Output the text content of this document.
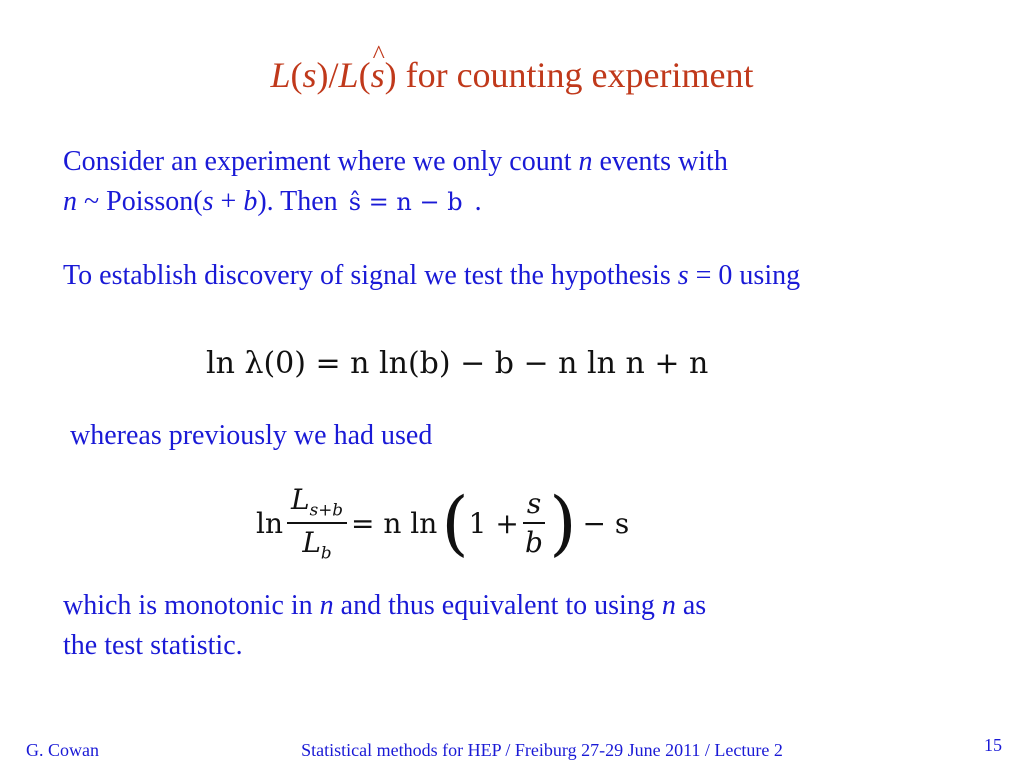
L(s)/L(^ s) for counting experiment
Consider an experiment where we only count n events with
n ~ Poisson(s + b). Then ŝ = n − b .
To establish discovery of signal we test the hypothesis s = 0 using
ln λ(0) = n ln(b) − b − n ln n + n
whereas previously we had used
$\ln \frac{L_{s+b}}{L_b} = n$ ln ( $1 + \frac{s}{b}$ ) − s
which is monotonic in n and thus equivalent to using n as
the test statistic.
G. Cowan	Statistical methods for HEP / Freiburg 27-29 June 2011 / Lecture 2	15
